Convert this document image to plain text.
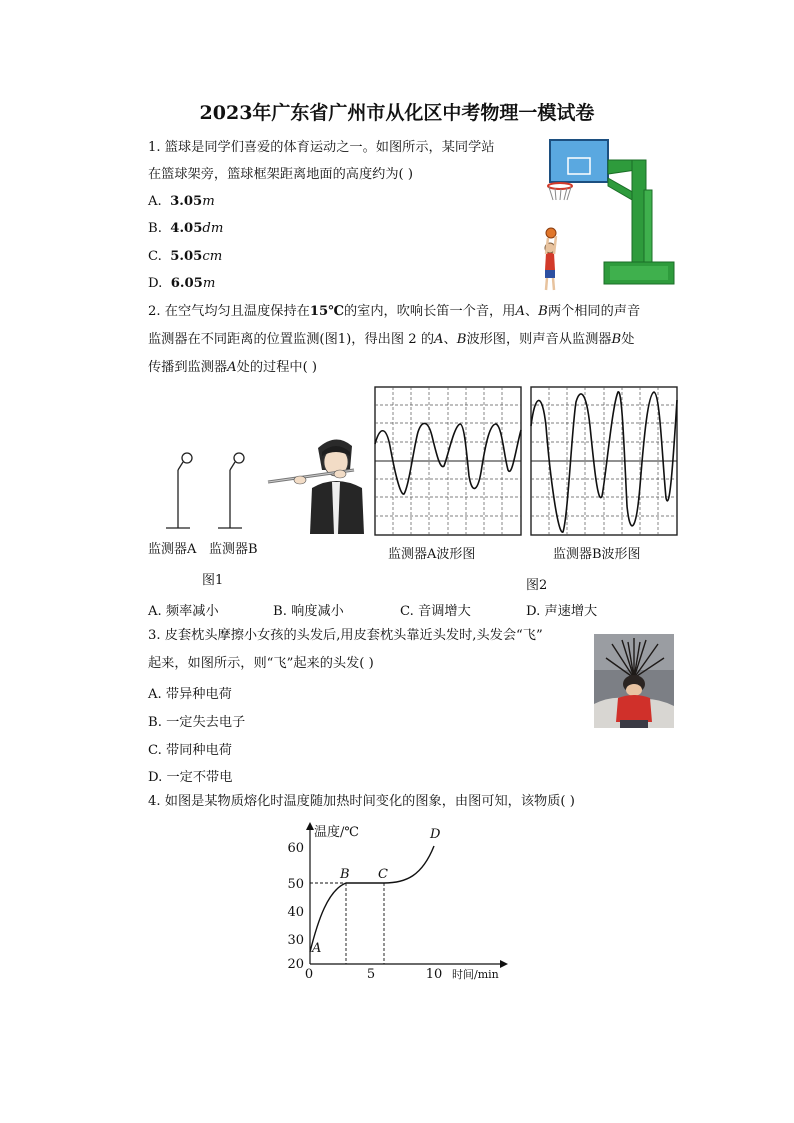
2023年广东省广州市从化区中考物理一模试卷
1. 篮球是同学们喜爱的体育运动之一。如图所示，某同学站
在篮球架旁，篮球框架距离地面的高度约为( )
A. 3.05m
B. 4.05dm
C. 5.05cm
D. 6.05m
2. 在空气均匀且温度保持在15℃的室内，吹响长笛一个音，用A、B两个相同的声音
监测器在不同距离的位置监测(图1)，得出图 2 的A、B波形图，则声音从监测器B处
传播到监测器A处的过程中( )
监测器A 监测器B
图1
监测器A波形图	监测器B波形图
图2
A. 频率减小	B. 响度减小	C. 音调增大	D. 声速增大
3. 皮套枕头摩擦小女孩的头发后,用皮套枕头靠近头发时,头发会“飞”
起来，如图所示，则“飞”起来的头发( )
A. 带异种电荷
B. 一定失去电子
C. 带同种电荷
D. 一定不带电
4. 如图是某物质熔化时温度随加热时间变化的图象，由图可知，该物质( )
20
30
40
50
60
0	5	10
温度/℃
时间/min
A
B C
D
